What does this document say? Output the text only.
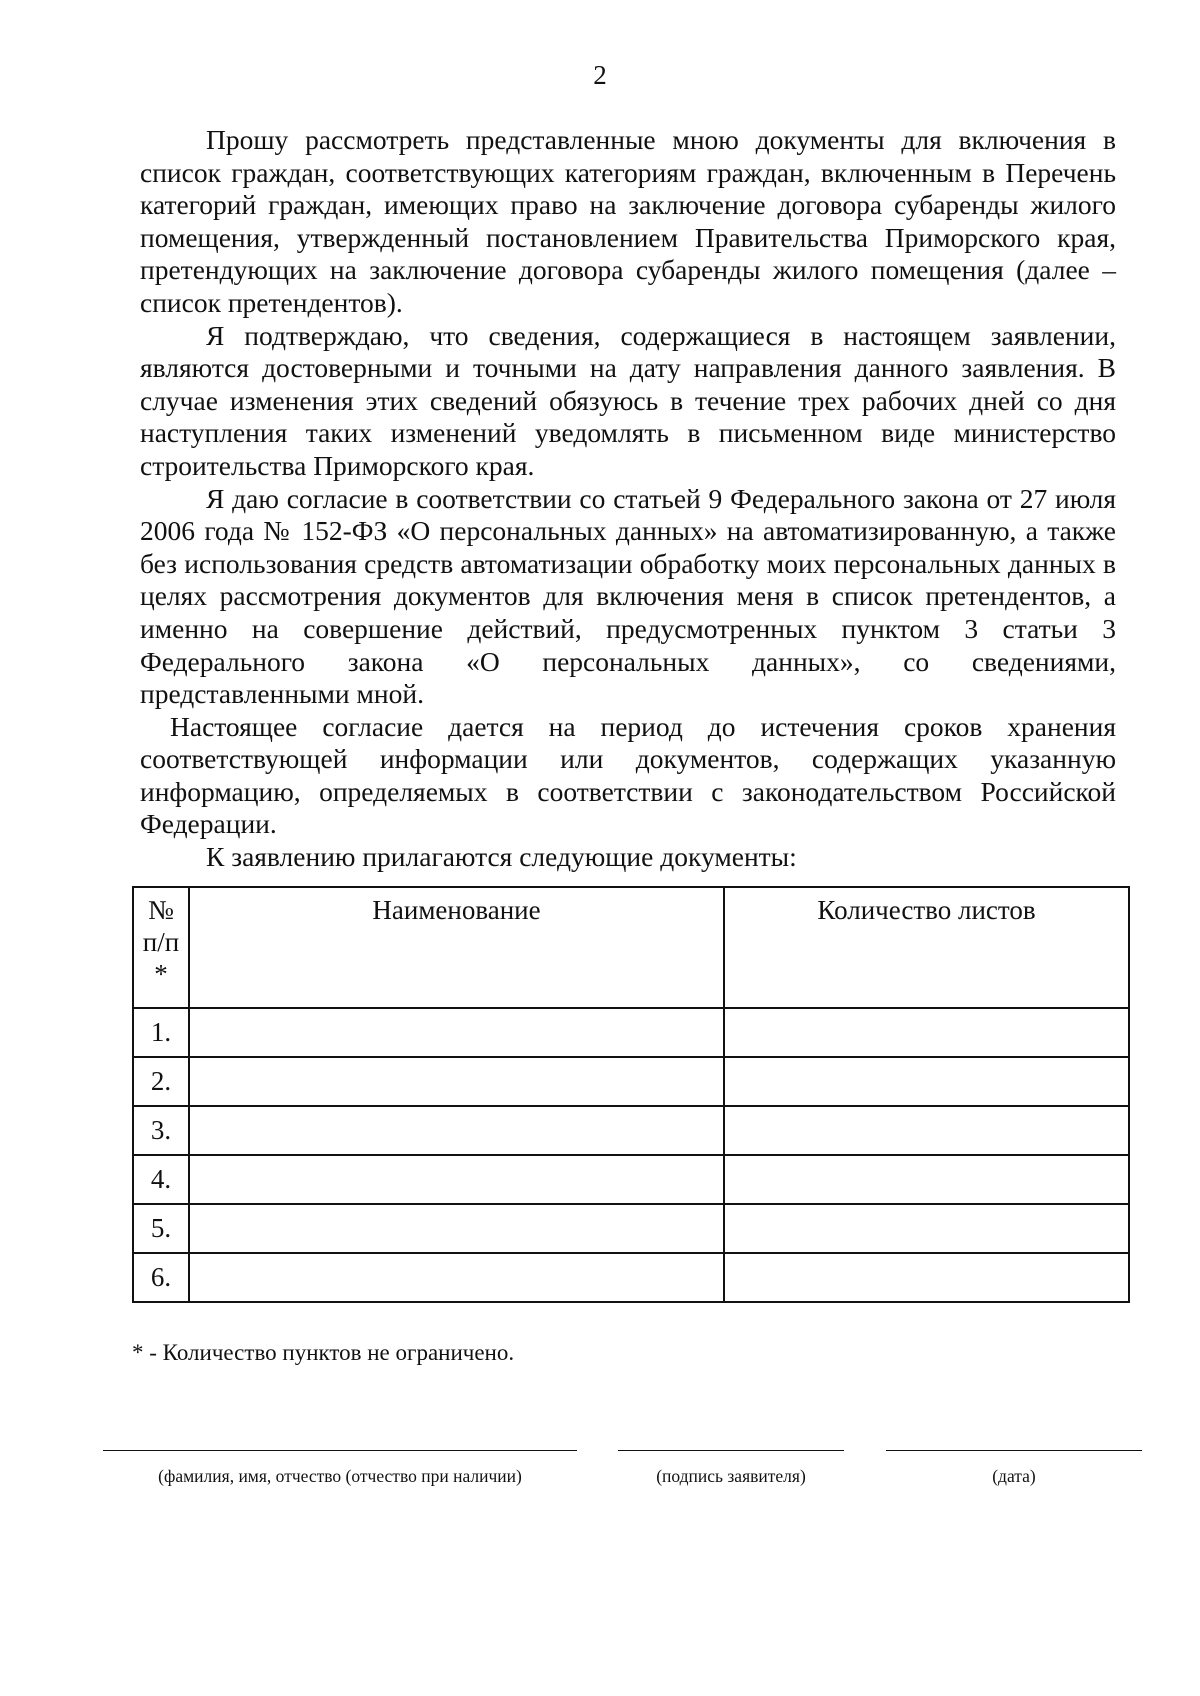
2

Прошу рассмотреть представленные мною документы для включения в список граждан, соответствующих категориям граждан, включенным в Перечень категорий граждан, имеющих право на заключение договора субаренды жилого помещения, утвержденный постановлением Правительства Приморского края, претендующих на заключение договора субаренды жилого помещения (далее – список претендентов).

Я подтверждаю, что сведения, содержащиеся в настоящем заявлении, являются достоверными и точными на дату направления данного заявления. В случае изменения этих сведений обязуюсь в течение трех рабочих дней со дня наступления таких изменений уведомлять в письменном виде министерство строительства Приморского края.

Я даю согласие в соответствии со статьей 9 Федерального закона от 27 июля 2006 года № 152-ФЗ «О персональных данных» на автоматизированную, а также без использования средств автоматизации обработку моих персональных данных в целях рассмотрения документов для включения меня в список претендентов, а именно на совершение действий, предусмотренных пунктом 3 статьи 3 Федерального закона «О персональных данных», со сведениями, представленными мной.

Настоящее согласие дается на период до истечения сроков хранения соответствующей информации или документов, содержащих указанную информацию, определяемых в соответствии с законодательством Российской Федерации.

К заявлению прилагаются следующие документы:

№
п/п
*	Наименование	Количество листов
1.		
2.		
3.		
4.		
5.		
6.		
* - Количество пунктов не ограничено.
(фамилия, имя, отчество (отчество при наличии)	(подпись заявителя)	(дата)
